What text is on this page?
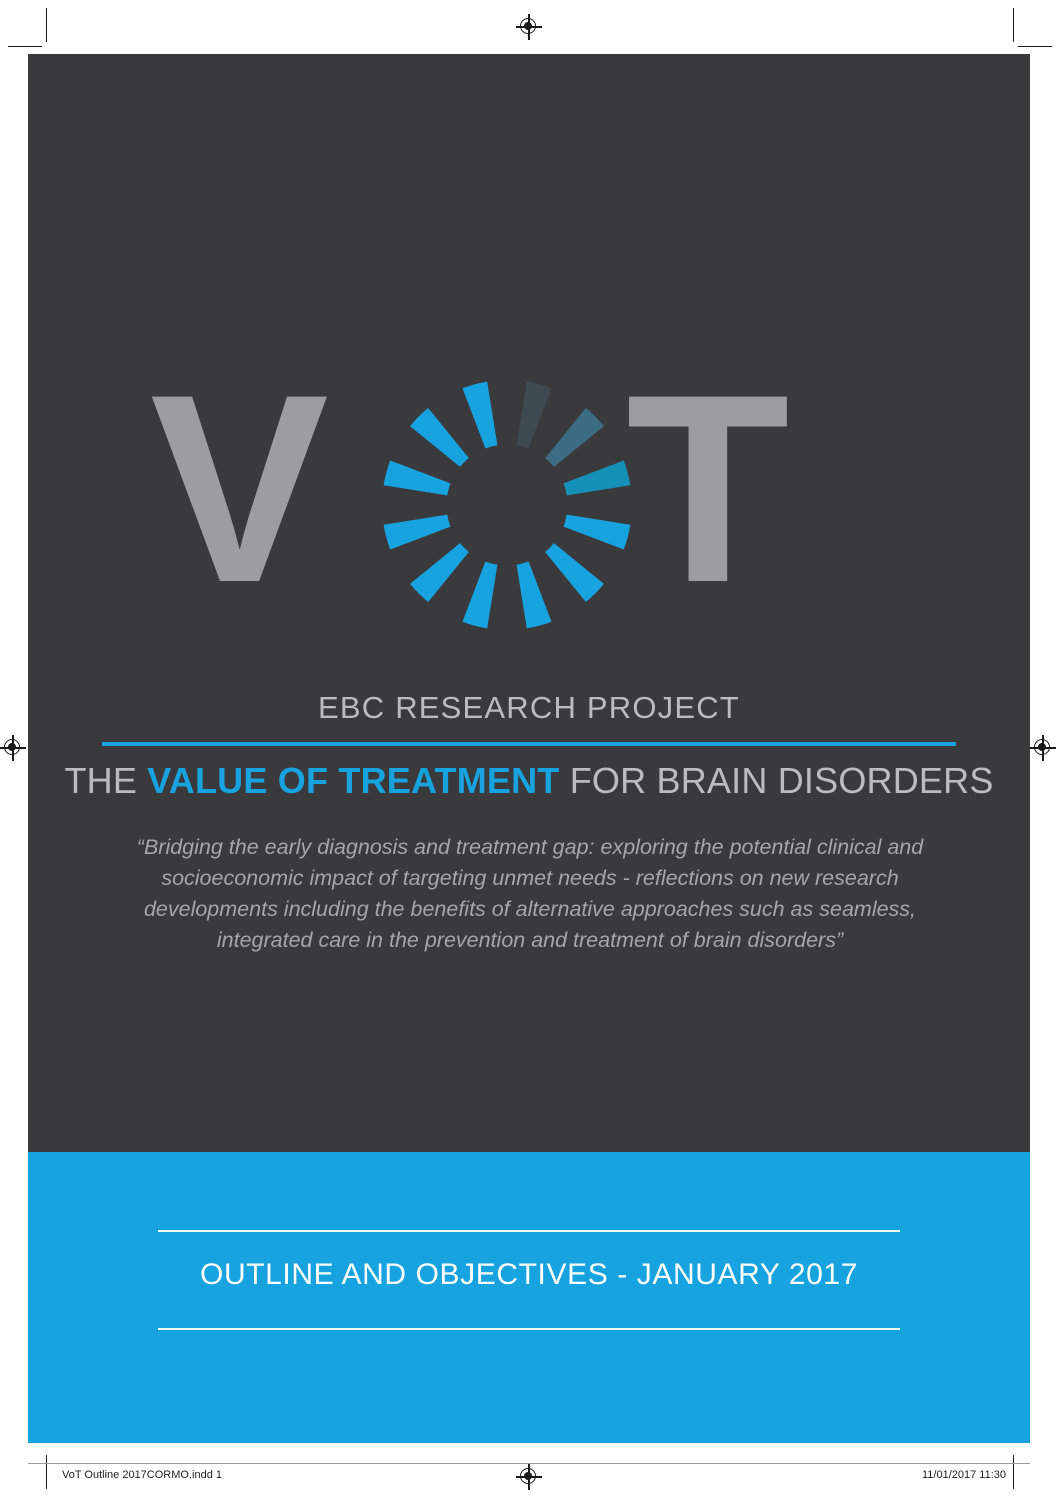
V T
EBC RESEARCH PROJECT
THE VALUE OF TREATMENT FOR BRAIN DISORDERS
“Bridging the early diagnosis and treatment gap: exploring the potential clinical and socioeconomic impact of targeting unmet needs - reflections on new research developments including the benefits of alternative approaches such as seamless, integrated care in the prevention and treatment of brain disorders”
OUTLINE AND OBJECTIVES - JANUARY 2017
VoT Outline 2017CORMO.indd 1	11/01/2017 11:30
